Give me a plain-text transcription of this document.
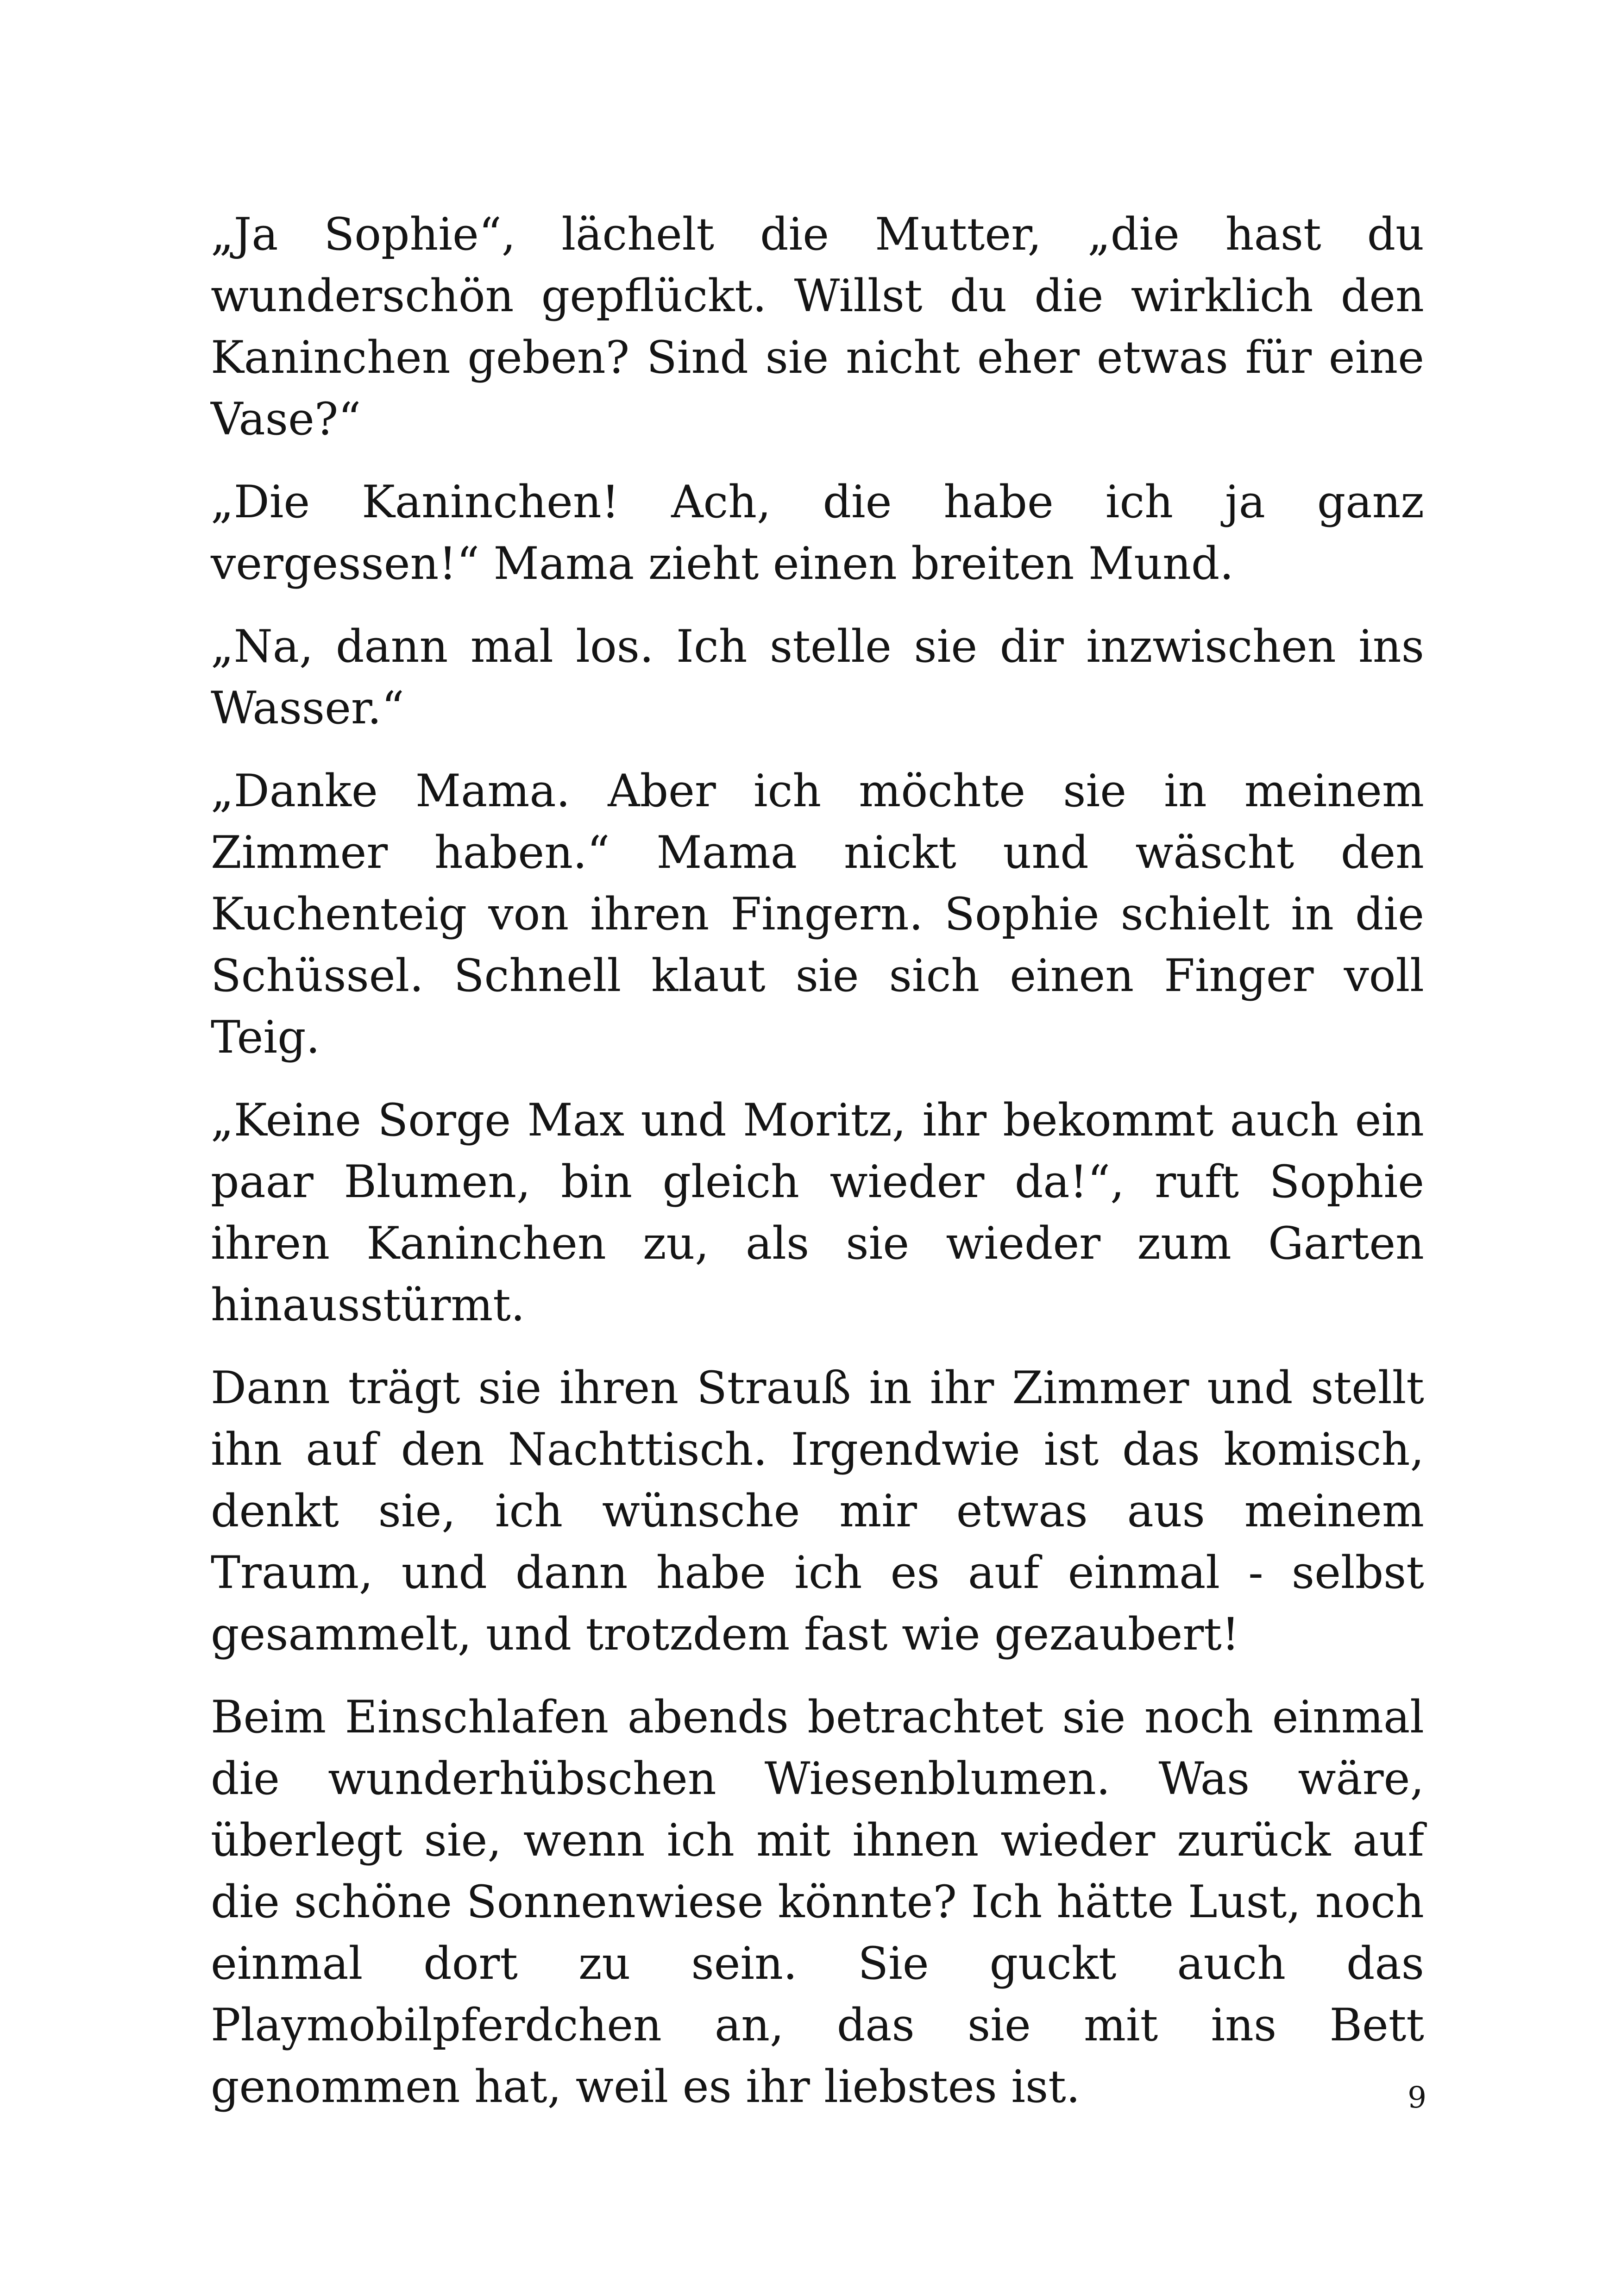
„Ja Sophie“, lächelt die Mutter, „die hast du wunderschön gepflückt. Willst du die wirklich den Kaninchen geben? Sind sie nicht eher etwas für eine Vase?“

„Die Kaninchen! Ach, die habe ich ja ganz vergessen!“ Mama zieht einen breiten Mund.

„Na, dann mal los. Ich stelle sie dir inzwischen ins Wasser.“

„Danke Mama. Aber ich möchte sie in meinem Zimmer haben.“ Mama nickt und wäscht den Kuchenteig von ihren Fingern. Sophie schielt in die Schüssel. Schnell klaut sie sich einen Finger voll Teig.

„Keine Sorge Max und Moritz, ihr bekommt auch ein paar Blumen, bin gleich wieder da!“, ruft Sophie ihren Kaninchen zu, als sie wieder zum Garten hinausstürmt.

Dann trägt sie ihren Strauß in ihr Zimmer und stellt ihn auf den Nachttisch. Irgendwie ist das komisch, denkt sie, ich wünsche mir etwas aus meinem Traum, und dann habe ich es auf einmal - selbst gesammelt, und trotzdem fast wie gezaubert!

Beim Einschlafen abends betrachtet sie noch einmal die wunderhübschen Wiesenblumen. Was wäre, überlegt sie, wenn ich mit ihnen wieder zurück auf die schöne Sonnenwiese könnte? Ich hätte Lust, noch einmal dort zu sein. Sie guckt auch das Playmobilpferdchen an, das sie mit ins Bett genommen hat, weil es ihr liebstes ist.	9
